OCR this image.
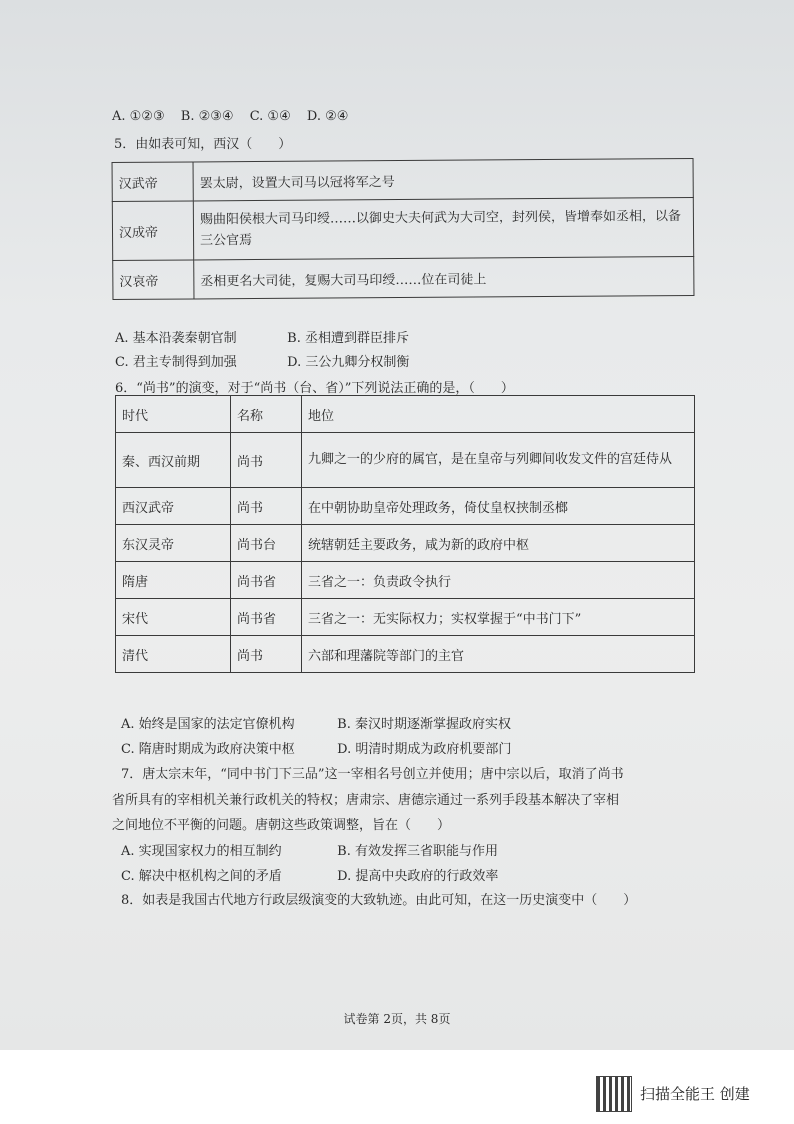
A. ①②③ B. ②③④ C. ①④ D. ②④
5．由如表可知，西汉（　　）
汉武帝	罢太尉，设置大司马以冠将军之号
汉成帝	赐曲阳侯根大司马印绶……以御史大夫何武为大司空，封列侯，皆增奉如丞相，以备三公官焉
汉哀帝	丞相更名大司徒，复赐大司马印绶……位在司徒上
A. 基本沿袭秦朝官制	B. 丞相遭到群臣排斥
C. 君主专制得到加强	D. 三公九卿分权制衡
6．“尚书”的演变，对于“尚书（台、省）”下列说法正确的是，（　　）
时代	名称	地位
秦、西汉前期	尚书	九卿之一的少府的属官，是在皇帝与列卿间收发文件的宫廷侍从
西汉武帝	尚书	在中朝协助皇帝处理政务，倚仗皇权挟制丞榔
东汉灵帝	尚书台	统辖朝廷主要政务，咸为新的政府中枢
隋唐	尚书省	三省之一：负责政令执行
宋代	尚书省	三省之一：无实际权力；实权掌握于“中书门下”
清代	尚书	六部和理藩院等部门的主官
A. 始终是国家的法定官僚机构	B. 秦汉时期逐渐掌握政府实权
C. 隋唐时期成为政府决策中枢	D. 明清时期成为政府机要部门
7．唐太宗末年，“同中书门下三品”这一宰相名号创立并使用；唐中宗以后，取消了尚书
省所具有的宰相机关兼行政机关的特权；唐肃宗、唐德宗通过一系列手段基本解决了宰相
之间地位不平衡的问题。唐朝这些政策调整，旨在（　　）
A. 实现国家权力的相互制约	B. 有效发挥三省职能与作用
C. 解决中枢机构之间的矛盾	D. 提高中央政府的行政效率
8．如表是我国古代地方行政层级演变的大致轨迹。由此可知，在这一历史演变中（　　）
试卷第 2页，共 8页
扫描全能王 创建
